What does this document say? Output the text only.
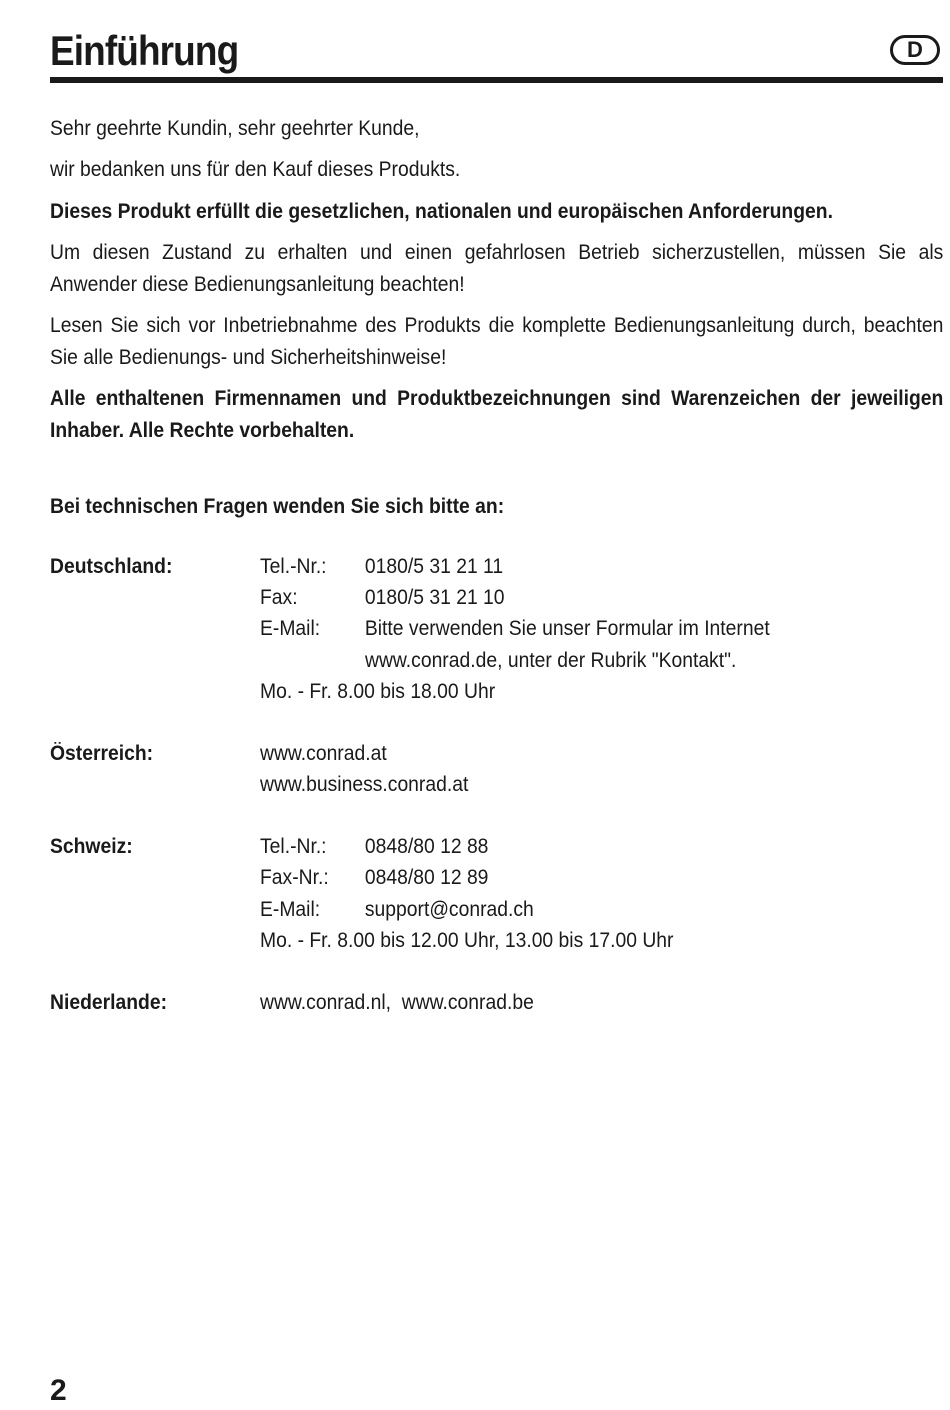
Einführung	D
Sehr geehrte Kundin, sehr geehrter Kunde,
wir bedanken uns für den Kauf dieses Produkts.
Dieses Produkt erfüllt die gesetzlichen, nationalen und europäischen Anforderungen.
Um diesen Zustand zu erhalten und einen gefahrlosen Betrieb sicherzustellen, müssen Sie als Anwender diese Bedienungsanleitung beachten!
Lesen Sie sich vor Inbetriebnahme des Produkts die komplette Bedienungsanleitung durch, beachten Sie alle Bedienungs- und Sicherheitshinweise!
Alle enthaltenen Firmennamen und Produktbezeichnungen sind Warenzeichen der jeweiligen Inhaber. Alle Rechte vorbehalten.
Bei technischen Fragen wenden Sie sich bitte an:
Deutschland:	Tel.-Nr.: 0180/5 31 21 11
Fax:	0180/5 31 21 10
E-Mail: Bitte verwenden Sie unser Formular im Internet
www.conrad.de, unter der Rubrik "Kontakt".
Mo. - Fr. 8.00 bis 18.00 Uhr
Österreich:	www.conrad.at
www.business.conrad.at
Schweiz:	Tel.-Nr.: 0848/80 12 88
Fax-Nr.: 0848/80 12 89
E-Mail: support@conrad.ch
Mo. - Fr. 8.00 bis 12.00 Uhr, 13.00 bis 17.00 Uhr
Niederlande:	www.conrad.nl,  www.conrad.be
2
